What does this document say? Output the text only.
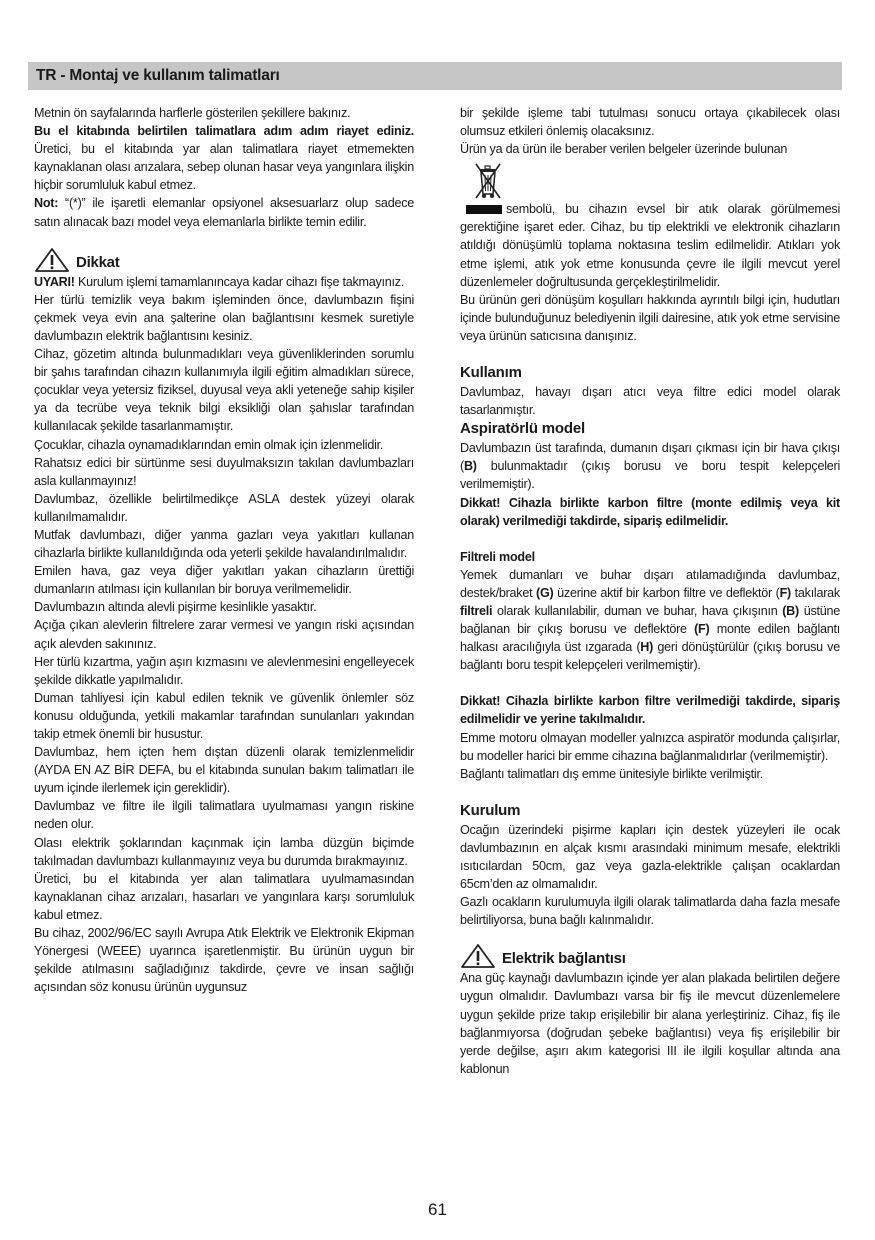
TR - Montaj ve kullanım talimatları

Metnin ön sayfalarında harflerle gösterilen şekillere bakınız.

Bu el kitabında belirtilen talimatlara adım adım riayet ediniz. Üretici, bu el kitabında yar alan talimatlara riayet etmemekten kaynaklanan olası arızalara, sebep olunan hasar veya yangınlara ilişkin hiçbir sorumluluk kabul etmez.

Not: “(*)” ile işaretli elemanlar opsiyonel aksesuarlarz olup sadece satın alınacak bazı model veya elemanlarla birlikte temin edilir.

Dikkat

UYARI! Kurulum işlemi tamamlanıncaya kadar cihazı fişe takmayınız.

Her türlü temizlik veya bakım işleminden önce, davlumbazın fişini çekmek veya evin ana şalterine olan bağlantısını kesmek suretiyle davlumbazın elektrik bağlantısını kesiniz.

Cihaz, gözetim altında bulunmadıkları veya güvenliklerinden sorumlu bir şahıs tarafından cihazın kullanımıyla ilgili eğitim almadıkları sürece, çocuklar veya yetersiz fiziksel, duyusal veya akli yeteneğe sahip kişiler ya da tecrübe veya teknik bilgi eksikliği olan şahıslar tarafından kullanılacak şekilde tasarlanmamıştır.

Çocuklar, cihazla oynamadıklarından emin olmak için izlenmelidir.

Rahatsız edici bir sürtünme sesi duyulmaksızın takılan davlumbazları asla kullanmayınız!

Davlumbaz, özellikle belirtilmedikçe ASLA destek yüzeyi olarak kullanılmamalıdır.

Mutfak davlumbazı, diğer yanma gazları veya yakıtları kullanan cihazlarla birlikte kullanıldığında oda yeterli şekilde havalandırılmalıdır.

Emilen hava, gaz veya diğer yakıtları yakan cihazların ürettiği dumanların atılması için kullanılan bir boruya verilmemelidir.

Davlumbazın altında alevli pişirme kesinlikle yasaktır.

Açığa çıkan alevlerin filtrelere zarar vermesi ve yangın riski açısından açık alevden sakınınız.

Her türlü kızartma, yağın aşırı kızmasını ve alevlenmesini engelleyecek şekilde dikkatle yapılmalıdır.

Duman tahliyesi için kabul edilen teknik ve güvenlik önlemler söz konusu olduğunda, yetkili makamlar tarafından sunulanları yakından takip etmek önemli bir husustur.

Davlumbaz, hem içten hem dıştan düzenli olarak temizlenmelidir (AYDA EN AZ BİR DEFA, bu el kitabında sunulan bakım talimatları ile uyum içinde ilerlemek için gereklidir).

Davlumbaz ve filtre ile ilgili talimatlara uyulmaması yangın riskine neden olur.

Olası elektrik şoklarından kaçınmak için lamba düzgün biçimde takılmadan davlumbazı kullanmayınız veya bu durumda bırakmayınız.

Üretici, bu el kitabında yer alan talimatlara uyulmamasından kaynaklanan cihaz arızaları, hasarları ve yangınlara karşı sorumluluk kabul etmez.

Bu cihaz, 2002/96/EC sayılı Avrupa Atık Elektrik ve Elektronik Ekipman Yönergesi (WEEE) uyarınca işaretlenmiştir. Bu ürünün uygun bir şekilde atılmasını sağladığınız takdirde, çevre ve insan sağlığı açısından söz konusu ürünün uygunsuz

bir şekilde işleme tabi tutulması sonucu ortaya çıkabilecek olası olumsuz etkileri önlemiş olacaksınız.

Ürün ya da ürün ile beraber verilen belgeler üzerinde bulunan

sembolü, bu cihazın evsel bir atık olarak görülmemesi gerektiğine işaret eder. Cihaz, bu tip elektrikli ve elektronik cihazların atıldığı dönüşümlü toplama noktasına teslim edilmelidir. Atıkları yok etme işlemi, atık yok etme konusunda çevre ile ilgili mevcut yerel düzenlemeler doğrultusunda gerçekleştirilmelidir.

Bu ürünün geri dönüşüm koşulları hakkında ayrıntılı bilgi için, hudutları içinde bulunduğunuz belediyenin ilgili dairesine, atık yok etme servisine veya ürünün satıcısına danışınız.

Kullanım

Davlumbaz, havayı dışarı atıcı veya filtre edici model olarak tasarlanmıştır.

Aspiratörlü model

Davlumbazın üst tarafında, dumanın dışarı çıkması için bir hava çıkışı (B) bulunmaktadır (çıkış borusu ve boru tespit kelepçeleri verilmemiştir).

Dikkat! Cihazla birlikte karbon filtre (monte edilmiş veya kit olarak) verilmediği takdirde, sipariş edilmelidir.

Filtreli model

Yemek dumanları ve buhar dışarı atılamadığında davlumbaz, destek/braket (G) üzerine aktif bir karbon filtre ve deflektör (F) takılarak filtreli olarak kullanılabilir, duman ve buhar, hava çıkışının (B) üstüne bağlanan bir çıkış borusu ve deflektöre (F) monte edilen bağlantı halkası aracılığıyla üst ızgarada (H) geri dönüştürülür (çıkış borusu ve bağlantı boru tespit kelepçeleri verilmemiştir).

Dikkat! Cihazla birlikte karbon filtre verilmediği takdirde, sipariş edilmelidir ve yerine takılmalıdır.

Emme motoru olmayan modeller yalnızca aspiratör modunda çalışırlar, bu modeller harici bir emme cihazına bağlanmalıdırlar (verilmemiştir).

Bağlantı talimatları dış emme ünitesiyle birlikte verilmiştir.

Kurulum

Ocağın üzerindeki pişirme kapları için destek yüzeyleri ile ocak davlumbazının en alçak kısmı arasındaki minimum mesafe, elektrikli ısıtıcılardan 50cm, gaz veya gazla-elektrikle çalışan ocaklardan 65cm’den az olmamalıdır.

Gazlı ocakların kurulumuyla ilgili olarak talimatlarda daha fazla mesafe belirtiliyorsa, buna bağlı kalınmalıdır.

Elektrik bağlantısı

Ana güç kaynağı davlumbazın içinde yer alan plakada belirtilen değere uygun olmalıdır. Davlumbazı varsa bir fiş ile mevcut düzenlemelere uygun şekilde prize takıp erişilebilir bir alana yerleştiriniz. Cihaz, fiş ile bağlanmıyorsa (doğrudan şebeke bağlantısı) veya fiş erişilebilir bir yerde değilse, aşırı akım kategorisi III ile ilgili koşullar altında ana kablonun

61
